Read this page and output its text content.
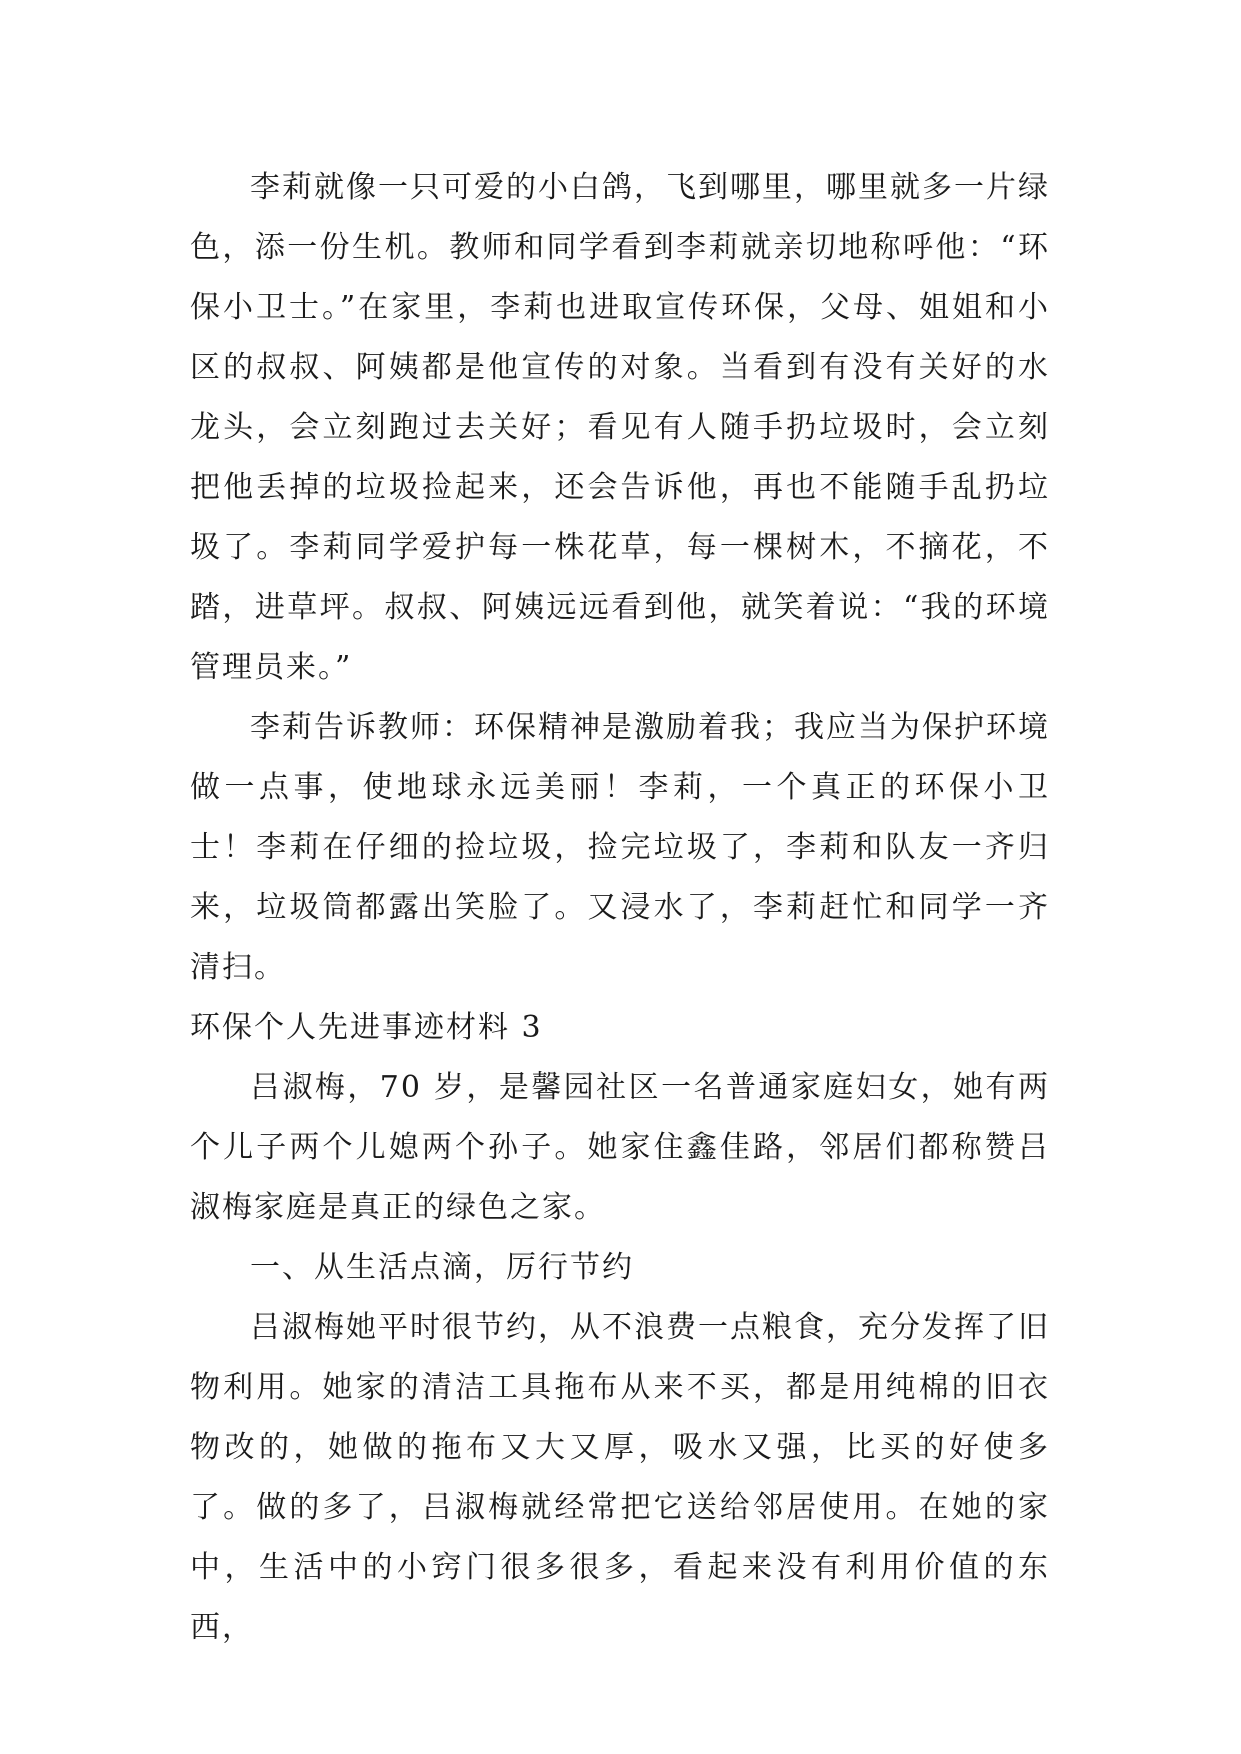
李莉就像一只可爱的小白鸽，飞到哪里，哪里就多一片绿色，添一份生机。教师和同学看到李莉就亲切地称呼他：“环保小卫士。”在家里，李莉也进取宣传环保，父母、姐姐和小区的叔叔、阿姨都是他宣传的对象。当看到有没有关好的水龙头，会立刻跑过去关好；看见有人随手扔垃圾时，会立刻把他丢掉的垃圾捡起来，还会告诉他，再也不能随手乱扔垃圾了。李莉同学爱护每一株花草，每一棵树木，不摘花，不踏，进草坪。叔叔、阿姨远远看到他，就笑着说：“我的环境管理员来。”

李莉告诉教师：环保精神是激励着我；我应当为保护环境做一点事，使地球永远美丽！李莉，一个真正的环保小卫士！李莉在仔细的捡垃圾，捡完垃圾了，李莉和队友一齐归来，垃圾筒都露出笑脸了。又浸水了，李莉赶忙和同学一齐清扫。

环保个人先进事迹材料 3

吕淑梅，70 岁，是馨园社区一名普通家庭妇女，她有两个儿子两个儿媳两个孙子。她家住鑫佳路，邻居们都称赞吕淑梅家庭是真正的绿色之家。

一、从生活点滴，厉行节约

吕淑梅她平时很节约，从不浪费一点粮食，充分发挥了旧物利用。她家的清洁工具拖布从来不买，都是用纯棉的旧衣物改的，她做的拖布又大又厚，吸水又强，比买的好使多了。做的多了，吕淑梅就经常把它送给邻居使用。在她的家中，生活中的小窍门很多很多，看起来没有利用价值的东西，
